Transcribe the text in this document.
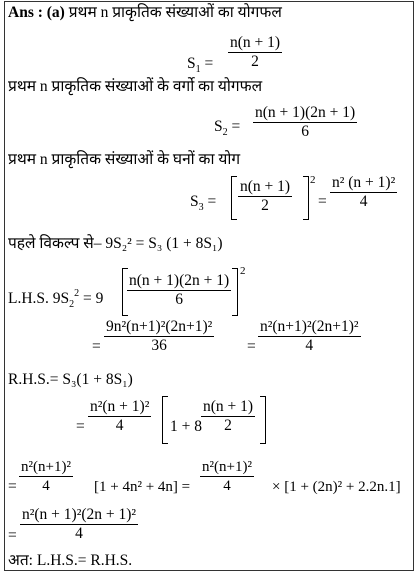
Ans : (a) प्रथम n प्राकृतिक संख्याओं का योगफल
$S_1$ =
n(n + 1)
2
प्रथम n प्राकृतिक संख्याओं के वर्गो का योगफल
$S_2$ =
n(n + 1)(2n + 1)
6
प्रथम n प्राकृतिक संख्याओं के घनों का योग
$S_3$ =
n(n + 1)
2
2
=
n² (n + 1)²
4
पहले विकल्प से– 9S₂² = S₃ (1 + 8S₁)
L.H.S. $9S_2^2 = 9$
n(n + 1)(2n + 1)
6
2
=
9n²(n+1)²(2n+1)²
36	=
n²(n+1)²(2n+1)²
4
R.H.S.= S₃(1 + 8S₁)
=
n²(n + 1)²
4	1 + 8
n(n + 1)
2
=
n²(n+1)²
4	[1 + 4n² + 4n] =
n²(n+1)²
4	× [1 + (2n)² + 2.2n.1]
=
n²(n + 1)²(2n + 1)²
4
अत: L.H.S.= R.H.S.
